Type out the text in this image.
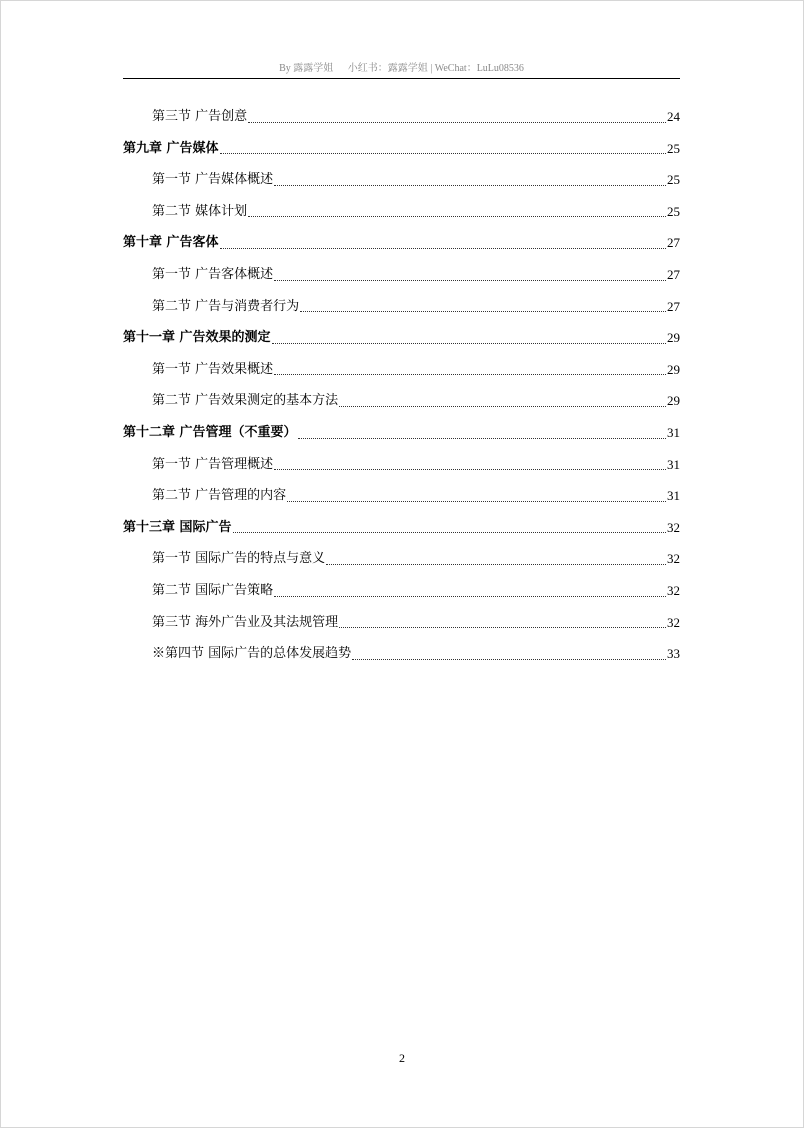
By 露露学姐 小红书：露露学姐 | WeChat：LuLu08536
第三节 广告创意	24
第九章 广告媒体	25
第一节 广告媒体概述	25
第二节 媒体计划	25
第十章 广告客体	27
第一节 广告客体概述	27
第二节 广告与消费者行为	27
第十一章 广告效果的测定	29
第一节 广告效果概述	29
第二节 广告效果测定的基本方法	29
第十二章 广告管理（不重要）	31
第一节 广告管理概述	31
第二节 广告管理的内容	31
第十三章 国际广告	32
第一节 国际广告的特点与意义	32
第二节 国际广告策略	32
第三节 海外广告业及其法规管理	32
※第四节 国际广告的总体发展趋势	33
2
